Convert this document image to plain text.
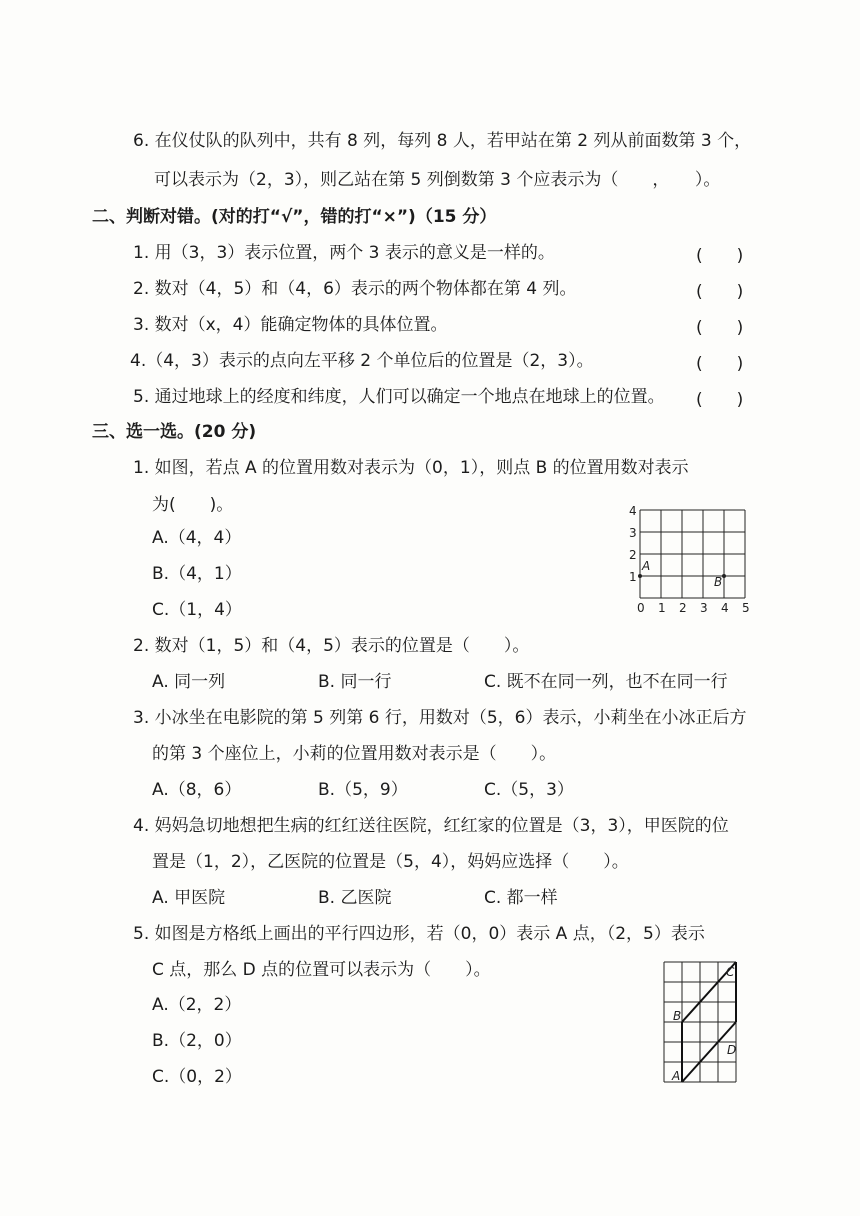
6. 在仪仗队的队列中，共有 8 列，每列 8 人，若甲站在第 2 列从前面数第 3 个，
可以表示为（2，3），则乙站在第 5 列倒数第 3 个应表示为（　　，　　）。
二、判断对错。(对的打“√”，错的打“×”)（15 分）
1. 用（3，3）表示位置，两个 3 表示的意义是一样的。	(　　)
2. 数对（4，5）和（4，6）表示的两个物体都在第 4 列。	(　　)
3. 数对（x，4）能确定物体的具体位置。	(　　)
4.（4，3）表示的点向左平移 2 个单位后的位置是（2，3）。	(　　)
5. 通过地球上的经度和纬度，人们可以确定一个地点在地球上的位置。 (　　)
三、选一选。(20 分)
1. 如图，若点 A 的位置用数对表示为（0，1），则点 B 的位置用数对表示
为(　　)。
A.（4，4）
B.（4，1）
C.（1，4）	0 1 2 3 4 5
1
2
3
4
A
B
2. 数对（1，5）和（4，5）表示的位置是（　　）。
A. 同一列	B. 同一行	C. 既不在同一列，也不在同一行
3. 小冰坐在电影院的第 5 列第 6 行，用数对（5，6）表示，小莉坐在小冰正后方
的第 3 个座位上，小莉的位置用数对表示是（　　）。
A.（8，6）	B.（5，9）	C.（5，3）
4. 妈妈急切地想把生病的红红送往医院，红红家的位置是（3，3），甲医院的位
置是（1，2），乙医院的位置是（5，4），妈妈应选择（　　）。
A. 甲医院	B. 乙医院	C. 都一样
5. 如图是方格纸上画出的平行四边形，若（0，0）表示 A 点，（2，5）表示
C 点，那么 D 点的位置可以表示为（　　）。
A.（2，2）
B.（2，0）
C.（0，2）	A
B
C
D
